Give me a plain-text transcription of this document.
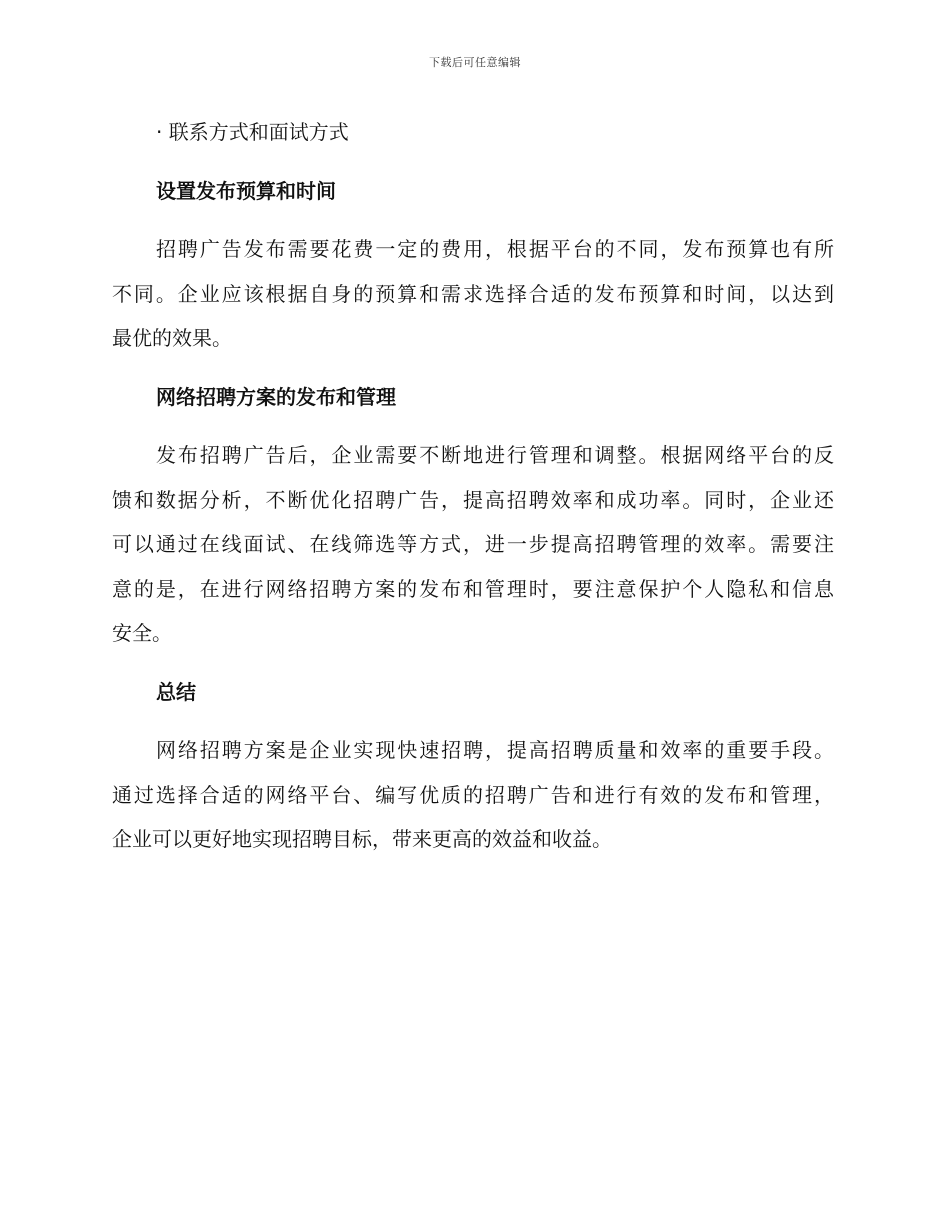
下载后可任意编辑

· 联系方式和面试方式

设置发布预算和时间

招聘广告发布需要花费一定的费用，根据平台的不同，发布预算也有所

不同。企业应该根据自身的预算和需求选择合适的发布预算和时间，以达到

最优的效果。

网络招聘方案的发布和管理

发布招聘广告后，企业需要不断地进行管理和调整。根据网络平台的反

馈和数据分析，不断优化招聘广告，提高招聘效率和成功率。同时，企业还

可以通过在线面试、在线筛选等方式，进一步提高招聘管理的效率。需要注

意的是，在进行网络招聘方案的发布和管理时，要注意保护个人隐私和信息

安全。

总结

网络招聘方案是企业实现快速招聘，提高招聘质量和效率的重要手段。

通过选择合适的网络平台、编写优质的招聘广告和进行有效的发布和管理，

企业可以更好地实现招聘目标，带来更高的效益和收益。
